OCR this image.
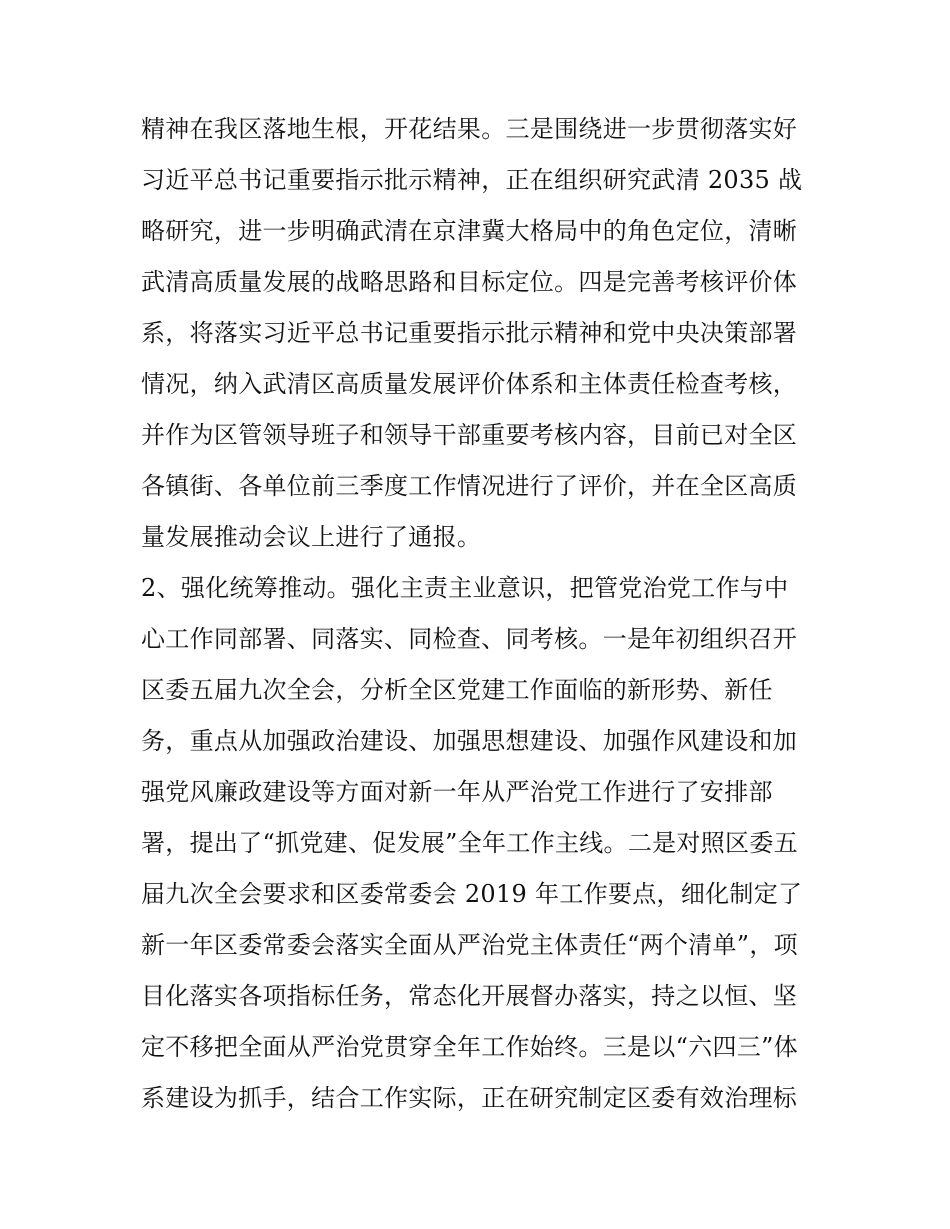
精神在我区落地生根，开花结果。三是围绕进一步贯彻落实好
习近平总书记重要指示批示精神，正在组织研究武清 2035 战
略研究，进一步明确武清在京津冀大格局中的角色定位，清晰
武清高质量发展的战略思路和目标定位。四是完善考核评价体
系，将落实习近平总书记重要指示批示精神和党中央决策部署
情况，纳入武清区高质量发展评价体系和主体责任检查考核，
并作为区管领导班子和领导干部重要考核内容，目前已对全区
各镇街、各单位前三季度工作情况进行了评价，并在全区高质
量发展推动会议上进行了通报。
2、强化统筹推动。强化主责主业意识，把管党治党工作与中
心工作同部署、同落实、同检查、同考核。一是年初组织召开
区委五届九次全会，分析全区党建工作面临的新形势、新任
务，重点从加强政治建设、加强思想建设、加强作风建设和加
强党风廉政建设等方面对新一年从严治党工作进行了安排部
署，提出了“抓党建、促发展”全年工作主线。二是对照区委五
届九次全会要求和区委常委会 2019 年工作要点，细化制定了
新一年区委常委会落实全面从严治党主体责任“两个清单”，项
目化落实各项指标任务，常态化开展督办落实，持之以恒、坚
定不移把全面从严治党贯穿全年工作始终。三是以“六四三”体
系建设为抓手，结合工作实际，正在研究制定区委有效治理标
